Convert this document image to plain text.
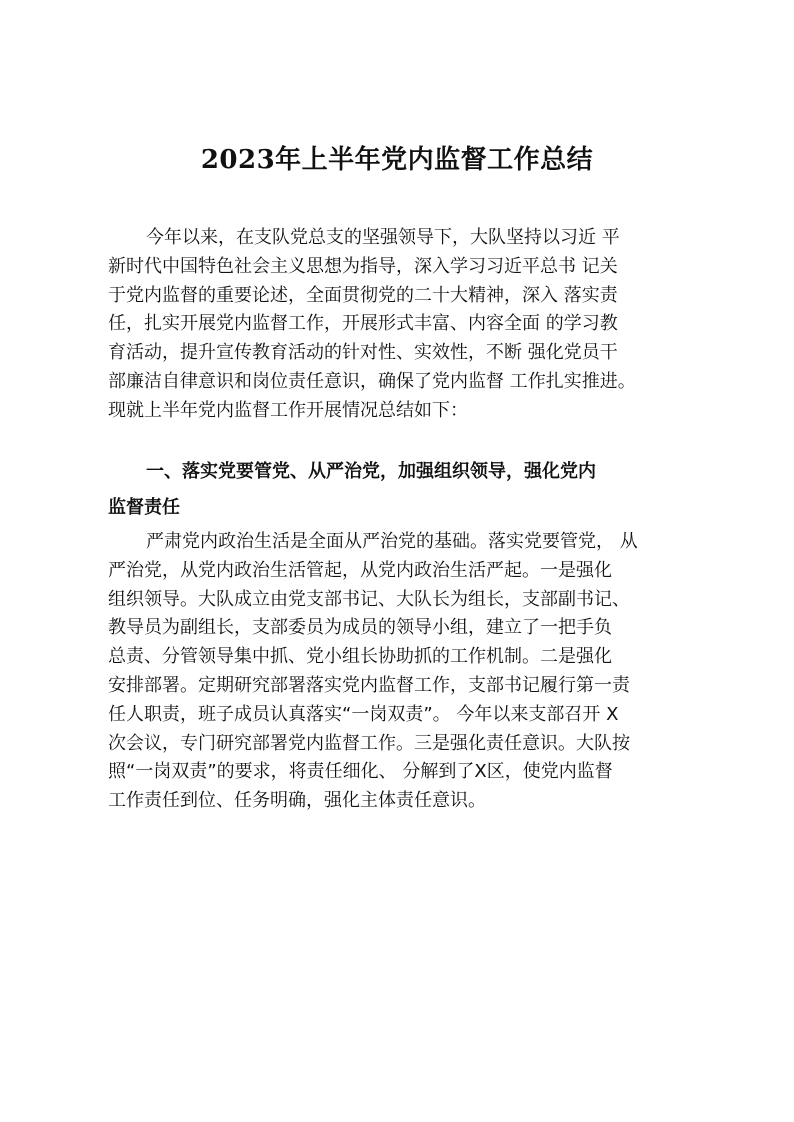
2023年上半年党内监督工作总结
今年以来，在支队党总支的坚强领导下，大队坚持以习近 平
新时代中国特色社会主义思想为指导，深入学习习近平总书 记关
于党内监督的重要论述，全面贯彻党的二十大精神，深入 落实责
任，扎实开展党内监督工作，开展形式丰富、内容全面 的学习教
育活动，提升宣传教育活动的针对性、实效性，不断 强化党员干
部廉洁自律意识和岗位责任意识，确保了党内监督 工作扎实推进。
现就上半年党内监督工作开展情况总结如下：
一、落实党要管党、从严治党，加强组织领导，强化党内
监督责任
严肃党内政治生活是全面从严治党的基础。落实党要管党， 从
严治党，从党内政治生活管起，从党内政治生活严起。一是强化
组织领导。大队成立由党支部书记、大队长为组长，支部副书记、
教导员为副组长，支部委员为成员的领导小组，建立了一把手负
总责、分管领导集中抓、党小组长协助抓的工作机制。二是强化
安排部署。定期研究部署落实党内监督工作，支部书记履行第一责
任人职责，班子成员认真落实“一岗双责”。 今年以来支部召开 X
次会议，专门研究部署党内监督工作。三是强化责任意识。大队按
照“一岗双责”的要求，将责任细化、 分解到了X区，使党内监督
工作责任到位、任务明确，强化主体责任意识。
